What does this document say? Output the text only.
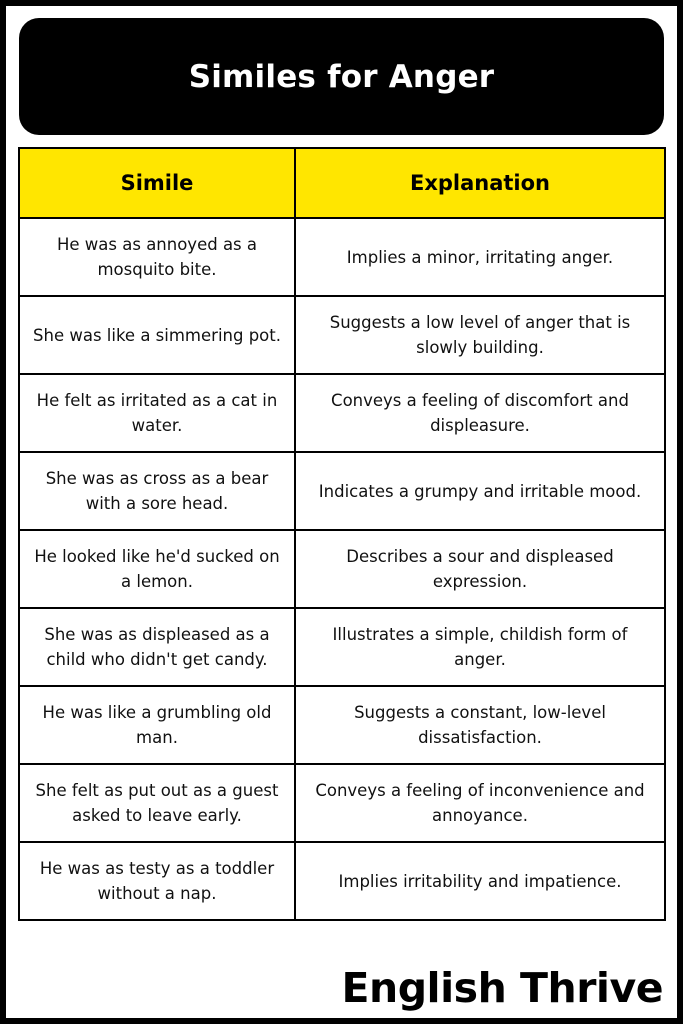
Similes for Anger
Simile	Explanation
He was as annoyed as a mosquito bite.	Implies a minor, irritating anger.
She was like a simmering pot.	Suggests a low level of anger that is slowly building.
He felt as irritated as a cat in water.	Conveys a feeling of discomfort and displeasure.
She was as cross as a bear with a sore head.	Indicates a grumpy and irritable mood.
He looked like he'd sucked on a lemon.	Describes a sour and displeased expression.
She was as displeased as a child who didn't get candy.	Illustrates a simple, childish form of anger.
He was like a grumbling old man.	Suggests a constant, low-level dissatisfaction.
She felt as put out as a guest asked to leave early.	Conveys a feeling of inconvenience and annoyance.
He was as testy as a toddler without a nap.	Implies irritability and impatience.

English Thrive
